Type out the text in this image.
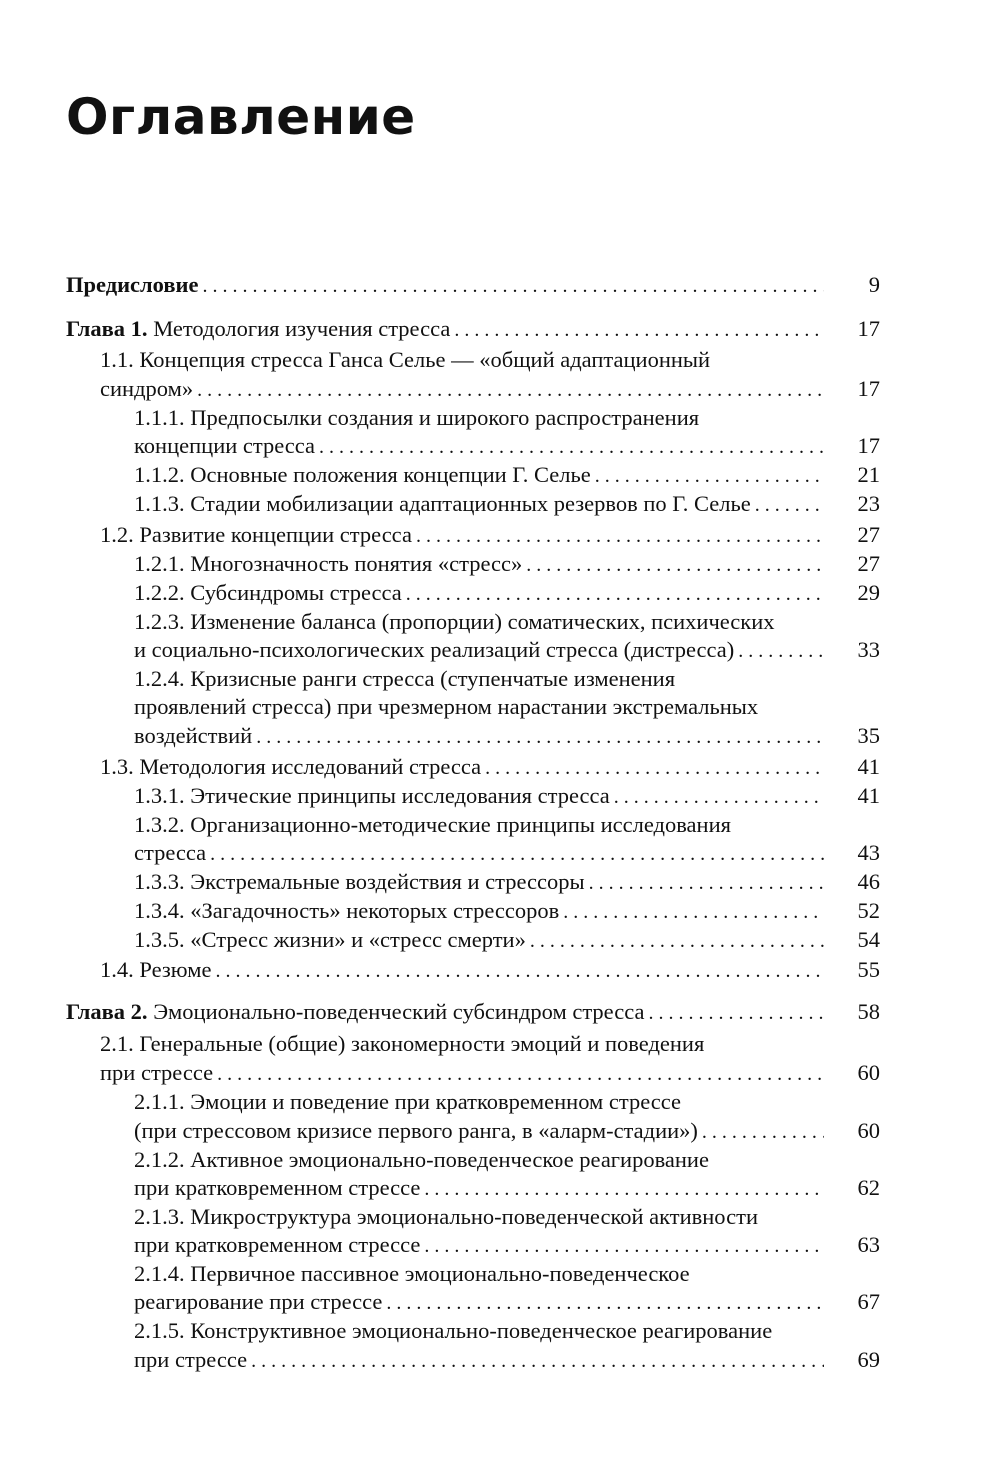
Оглавление
Предисловие . . .	9
Глава 1. Методология изучения стресса . . .	17
1.1. Концепция стресса Ганса Селье — «общий адаптационный
синдром» . . .	17
1.1.1. Предпосылки создания и широкого распространения
концепции стресса . . .	17
1.1.2. Основные положения концепции Г. Селье . . .	21
1.1.3. Стадии мобилизации адаптационных резервов по Г. Селье . . .	23
1.2. Развитие концепции стресса . . .	27
1.2.1. Многозначность понятия «стресс» . . .	27
1.2.2. Субсиндромы стресса . . .	29
1.2.3. Изменение баланса (пропорции) соматических, психических
и социально-психологических реализаций стресса (дистресса) . . .	33
1.2.4. Кризисные ранги стресса (ступенчатые изменения
проявлений стресса) при чрезмерном нарастании экстремальных
воздействий . . .	35
1.3. Методология исследований стресса . . .	41
1.3.1. Этические принципы исследования стресса . . .	41
1.3.2. Организационно-методические принципы исследования
стресса . . .	43
1.3.3. Экстремальные воздействия и стрессоры . . .	46
1.3.4. «Загадочность» некоторых стрессоров . . .	52
1.3.5. «Стресс жизни» и «стресс смерти» . . .	54
1.4. Резюме . . .	55
Глава 2. Эмоционально-поведенческий субсиндром стресса . . .	58
2.1. Генеральные (общие) закономерности эмоций и поведения
при стрессе . . .	60
2.1.1. Эмоции и поведение при кратковременном стрессе
(при стрессовом кризисе первого ранга, в «аларм-стадии») . . .	60
2.1.2. Активное эмоционально-поведенческое реагирование
при кратковременном стрессе . . .	62
2.1.3. Микроструктура эмоционально-поведенческой активности
при кратковременном стрессе . . .	63
2.1.4. Первичное пассивное эмоционально-поведенческое
реагирование при стрессе . . .	67
2.1.5. Конструктивное эмоционально-поведенческое реагирование
при стрессе . . .	69
